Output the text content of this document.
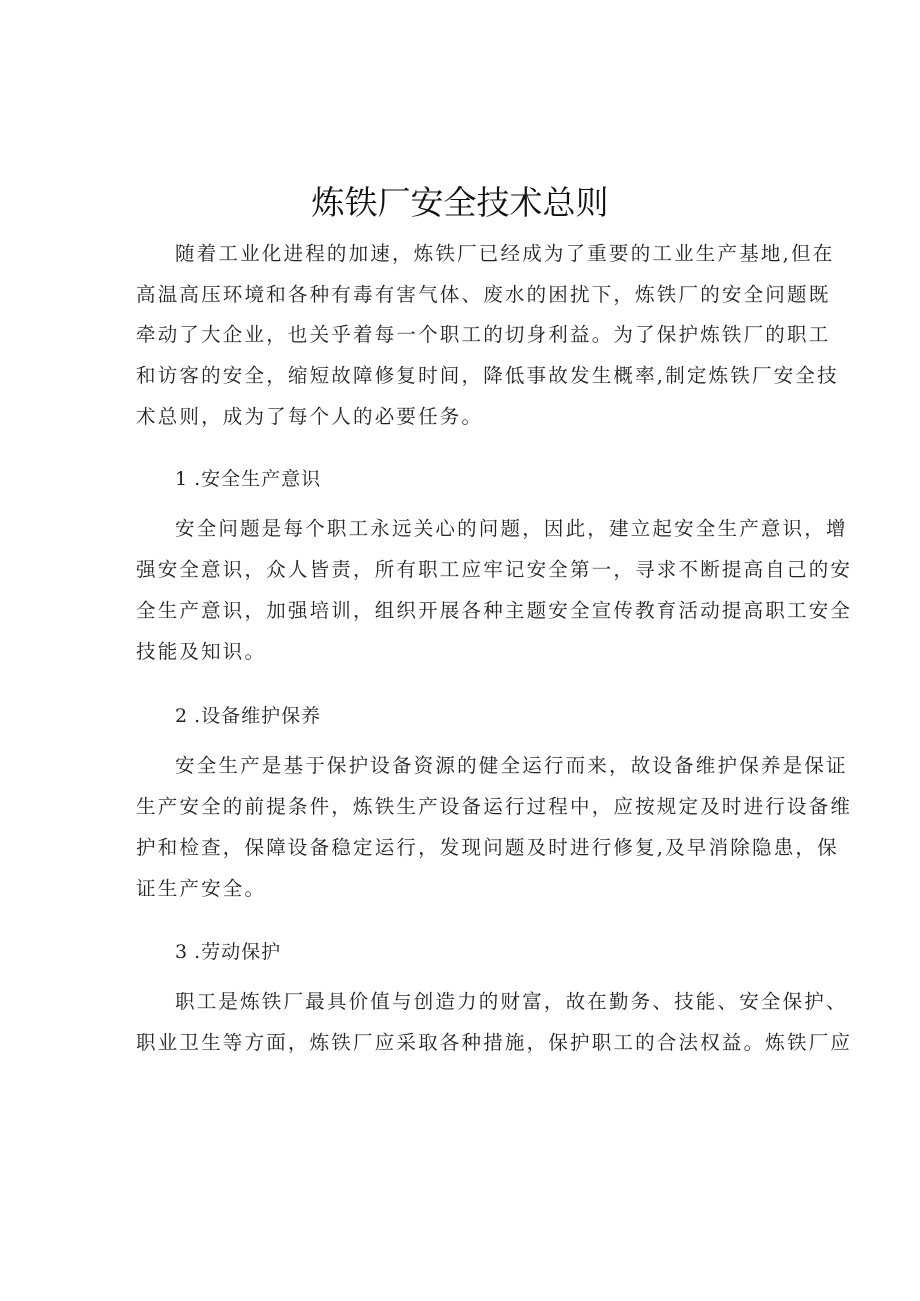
炼铁厂安全技术总则
随着工业化进程的加速，炼铁厂已经成为了重要的工业生产基地,但在
高温高压环境和各种有毒有害气体、废水的困扰下，炼铁厂的安全问题既
牵动了大企业，也关乎着每一个职工的切身利益。为了保护炼铁厂的职工
和访客的安全，缩短故障修复时间，降低事故发生概率,制定炼铁厂安全技
术总则，成为了每个人的必要任务。
1 .安全生产意识
安全问题是每个职工永远关心的问题，因此，建立起安全生产意识，增
强安全意识，众人皆责，所有职工应牢记安全第一，寻求不断提高自己的安
全生产意识，加强培训，组织开展各种主题安全宣传教育活动提高职工安全
技能及知识。
2 .设备维护保养
安全生产是基于保护设备资源的健全运行而来，故设备维护保养是保证
生产安全的前提条件，炼铁生产设备运行过程中，应按规定及时进行设备维
护和检查，保障设备稳定运行，发现问题及时进行修复,及早消除隐患，保
证生产安全。
3 .劳动保护
职工是炼铁厂最具价值与创造力的财富，故在勤务、技能、安全保护、
职业卫生等方面，炼铁厂应采取各种措施，保护职工的合法权益。炼铁厂应
